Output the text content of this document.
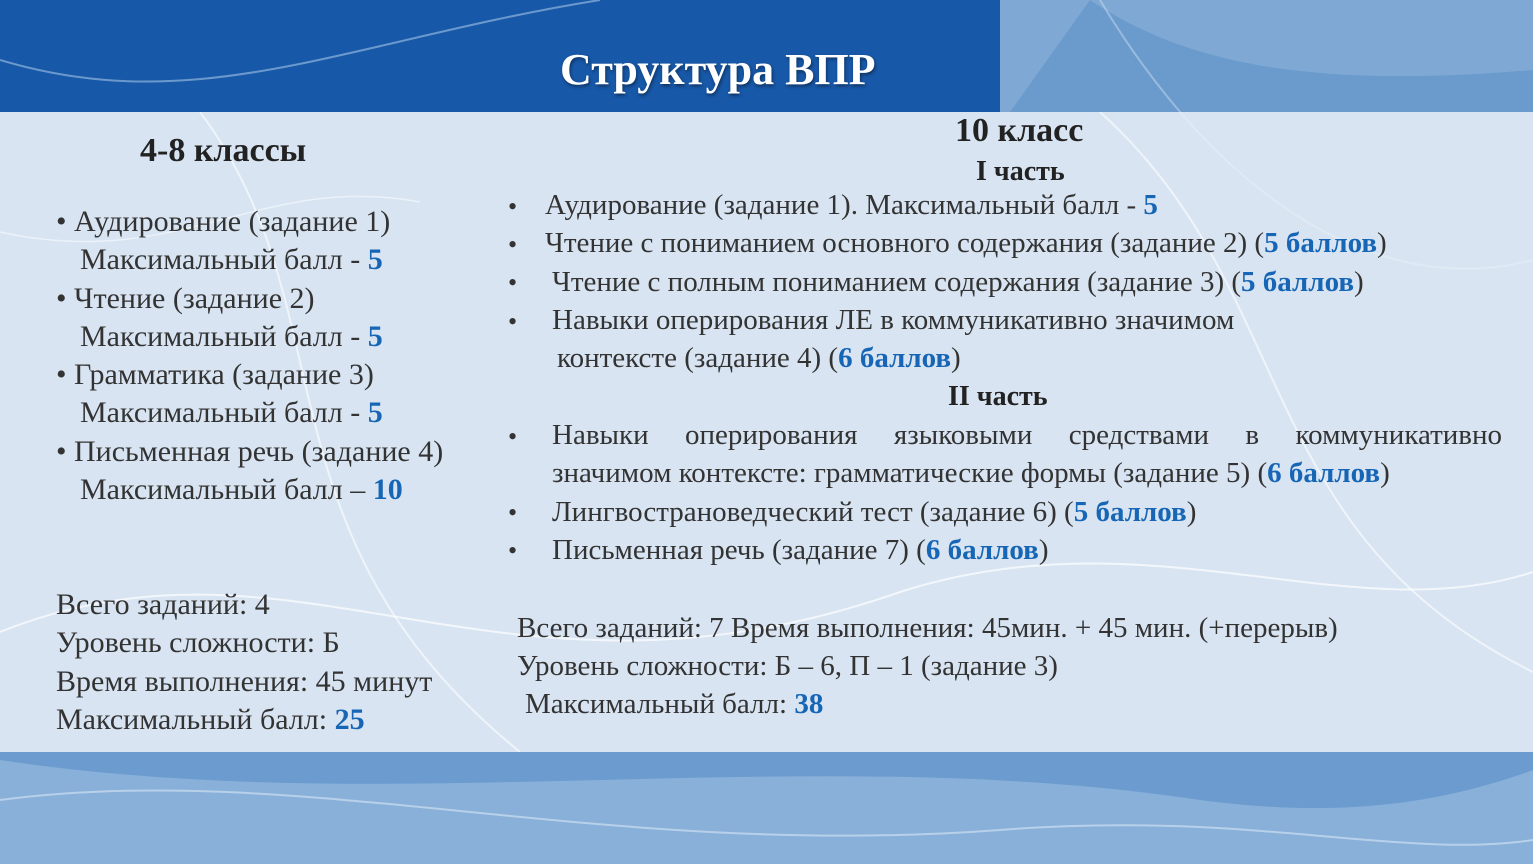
Структура ВПР
4-8 классы
• Аудирование (задание 1)
Максимальный балл - 5
• Чтение (задание 2)
Максимальный балл - 5
• Грамматика (задание 3)
Максимальный балл - 5
• Письменная речь (задание 4)
Максимальный балл – 10
Всего заданий: 4
Уровень сложности: Б
Время выполнения: 45 минут
Максимальный балл: 25
10 класс
I часть
• Аудирование (задание 1). Максимальный балл - 5
• Чтение с пониманием основного содержания (задание 2) (5 баллов)
• Чтение с полным пониманием содержания (задание 3) (5 баллов)
• Навыки оперирования ЛЕ в коммуникативно значимом
контексте (задание 4) (6 баллов)
II часть
• Навыки оперирования языковыми средствами в коммуникативно
значимом контексте: грамматические формы (задание 5) (6 баллов)
• Лингвострановедческий тест (задание 6) (5 баллов)
• Письменная речь (задание 7) (6 баллов)
Всего заданий: 7 Время выполнения: 45мин. + 45 мин. (+перерыв)
Уровень сложности: Б – 6, П – 1 (задание 3)
Максимальный балл: 38
